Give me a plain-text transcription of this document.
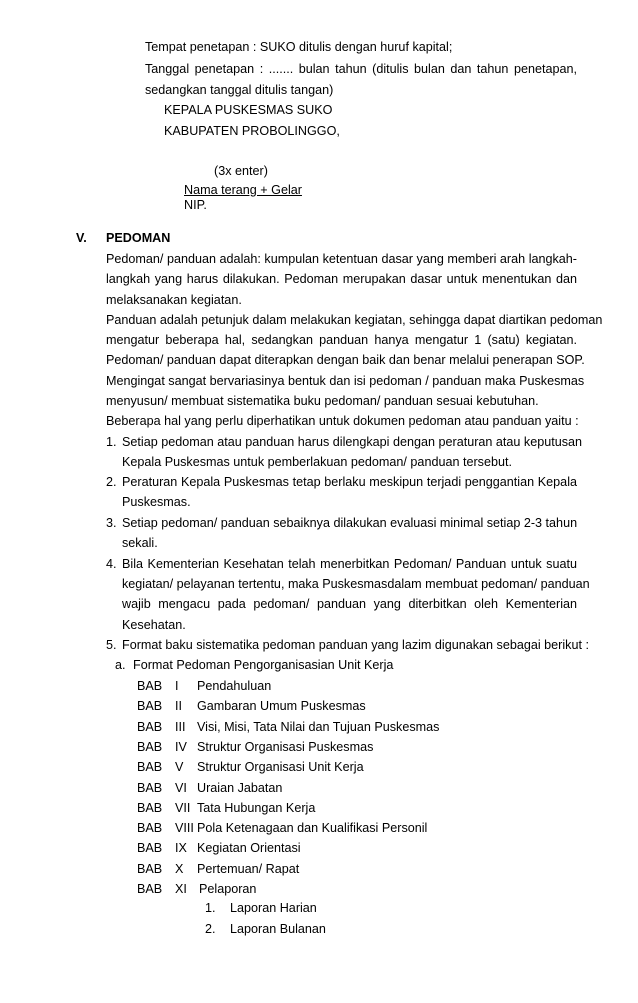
Tempat penetapan : SUKO ditulis dengan huruf kapital;
Tanggal penetapan : ....... bulan tahun (ditulis bulan dan tahun penetapan,
sedangkan tanggal ditulis tangan)
KEPALA PUSKESMAS SUKO
KABUPATEN PROBOLINGGO,
(3x enter)
Nama terang + Gelar
NIP.
V. PEDOMAN
Pedoman/ panduan adalah: kumpulan ketentuan dasar yang memberi arah langkah-
langkah yang harus dilakukan. Pedoman merupakan dasar untuk menentukan dan
melaksanakan kegiatan.
Panduan adalah petunjuk dalam melakukan kegiatan, sehingga dapat diartikan pedoman
mengatur beberapa hal, sedangkan panduan hanya mengatur 1 (satu) kegiatan.
Pedoman/ panduan dapat diterapkan dengan baik dan benar melalui penerapan SOP.
Mengingat sangat bervariasinya bentuk dan isi pedoman / panduan maka Puskesmas
menyusun/ membuat sistematika buku pedoman/ panduan sesuai kebutuhan.
Beberapa hal yang perlu diperhatikan untuk dokumen pedoman atau panduan yaitu :
1. Setiap pedoman atau panduan harus dilengkapi dengan peraturan atau keputusan
Kepala Puskesmas untuk pemberlakuan pedoman/ panduan tersebut.
2. Peraturan Kepala Puskesmas tetap berlaku meskipun terjadi penggantian Kepala
Puskesmas.
3. Setiap pedoman/ panduan sebaiknya dilakukan evaluasi minimal setiap 2-3 tahun
sekali.
4. Bila Kementerian Kesehatan telah menerbitkan Pedoman/ Panduan untuk suatu
kegiatan/ pelayanan tertentu, maka Puskesmasdalam membuat pedoman/ panduan
wajib mengacu pada pedoman/ panduan yang diterbitkan oleh Kementerian
Kesehatan.
5. Format baku sistematika pedoman panduan yang lazim digunakan sebagai berikut :
a. Format Pedoman Pengorganisasian Unit Kerja
BAB I Pendahuluan
BAB II Gambaran Umum Puskesmas
BAB III Visi, Misi, Tata Nilai dan Tujuan Puskesmas
BAB IV Struktur Organisasi Puskesmas
BAB V Struktur Organisasi Unit Kerja
BAB VI Uraian Jabatan
BAB VII Tata Hubungan Kerja
BAB VIII Pola Ketenagaan dan Kualifikasi Personil
BAB IX Kegiatan Orientasi
BAB X Pertemuan/ Rapat
BAB XI Pelaporan
1. Laporan Harian
2. Laporan Bulanan
